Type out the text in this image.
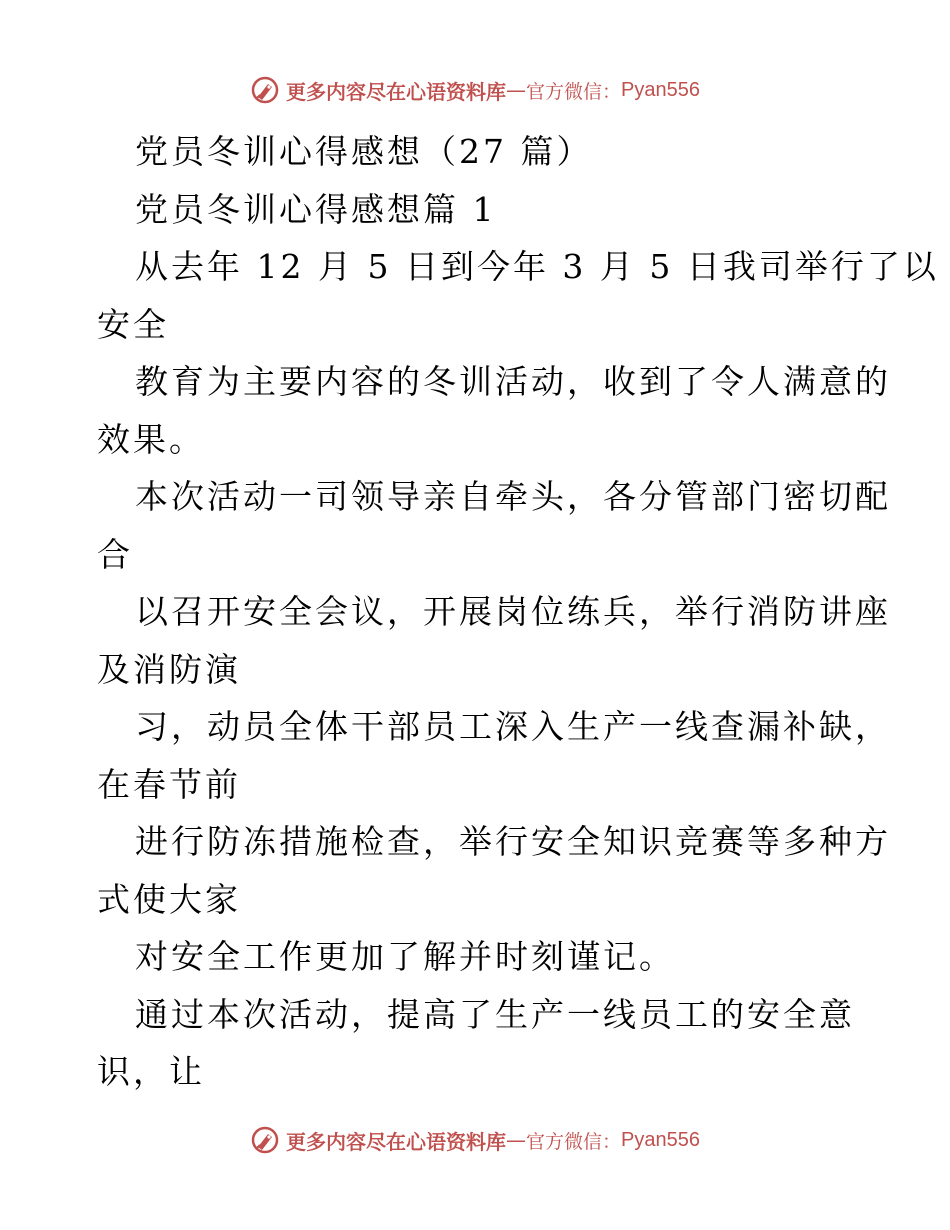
更多内容尽在心语资料库 — 官方微信： Pyan556
党员冬训心得感想（27 篇）
党员冬训心得感想篇 1
从去年 12 月 5 日到今年 3 月 5 日我司举行了以
安全
教育为主要内容的冬训活动，收到了令人满意的
效果。
本次活动一司领导亲自牵头，各分管部门密切配
合
以召开安全会议，开展岗位练兵，举行消防讲座
及消防演
习，动员全体干部员工深入生产一线查漏补缺，
在春节前
进行防冻措施检查，举行安全知识竞赛等多种方
式使大家
对安全工作更加了解并时刻谨记。
通过本次活动，提高了生产一线员工的安全意
识，让
更多内容尽在心语资料库 — 官方微信： Pyan556
